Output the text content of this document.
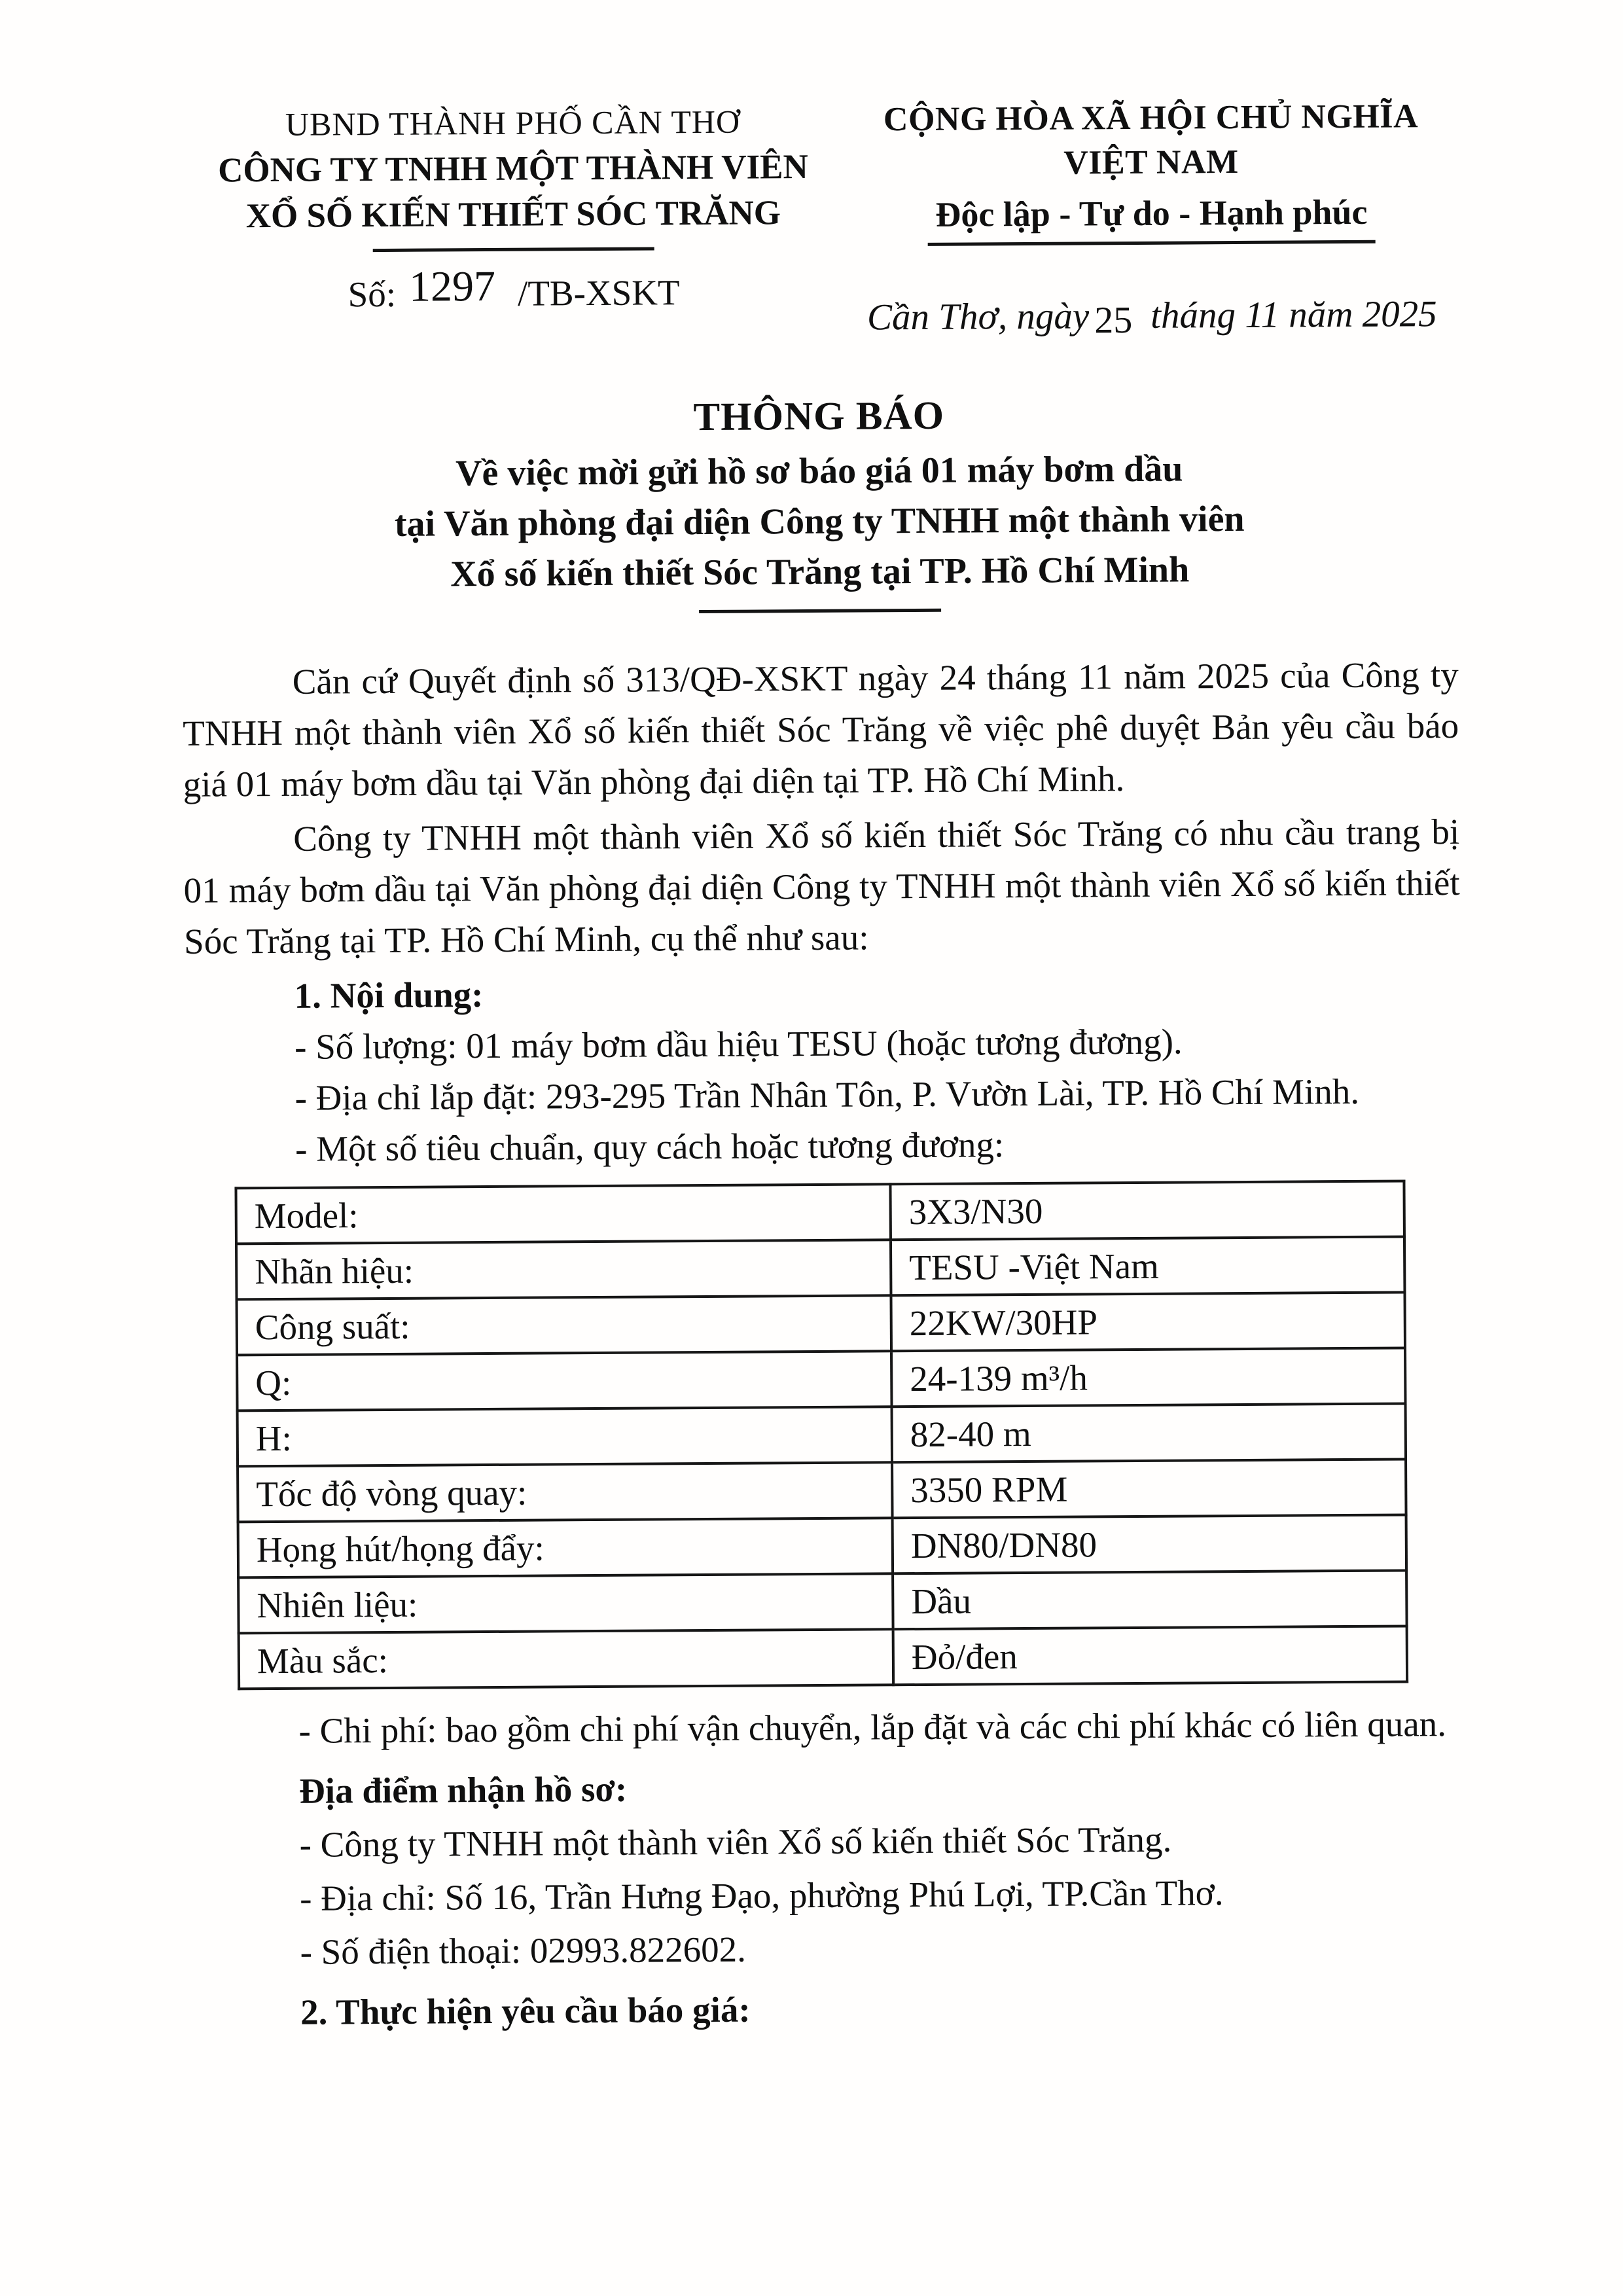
UBND THÀNH PHỐ CẦN THƠ
CÔNG TY TNHH MỘT THÀNH VIÊN
XỔ SỐ KIẾN THIẾT SÓC TRĂNG
Số: 1297 /TB-XSKT
CỘNG HÒA XÃ HỘI CHỦ NGHĨA VIỆT NAM
Độc lập - Tự do - Hạnh phúc
Cần Thơ, ngày 25 tháng 11 năm 2025
THÔNG BÁO
Về việc mời gửi hồ sơ báo giá 01 máy bơm dầu
tại Văn phòng đại diện Công ty TNHH một thành viên
Xổ số kiến thiết Sóc Trăng tại TP. Hồ Chí Minh

Căn cứ Quyết định số 313/QĐ-XSKT ngày 24 tháng 11 năm 2025 của Công ty TNHH một thành viên Xổ số kiến thiết Sóc Trăng về việc phê duyệt Bản yêu cầu báo giá 01 máy bơm dầu tại Văn phòng đại diện tại TP. Hồ Chí Minh.

Công ty TNHH một thành viên Xổ số kiến thiết Sóc Trăng có nhu cầu trang bị 01 máy bơm dầu tại Văn phòng đại diện Công ty TNHH một thành viên Xổ số kiến thiết Sóc Trăng tại TP. Hồ Chí Minh, cụ thể như sau:

1. Nội dung:

- Số lượng: 01 máy bơm dầu hiệu TESU (hoặc tương đương).

- Địa chỉ lắp đặt: 293-295 Trần Nhân Tôn, P. Vườn Lài, TP. Hồ Chí Minh.

- Một số tiêu chuẩn, quy cách hoặc tương đương:

Model:	3X3/N30
Nhãn hiệu:	TESU -Việt Nam
Công suất:	22KW/30HP
Q:	24-139 m³/h
H:	82-40 m
Tốc độ vòng quay:	3350 RPM
Họng hút/họng đẩy:	DN80/DN80
Nhiên liệu:	Dầu
Màu sắc:	Đỏ/đen

- Chi phí: bao gồm chi phí vận chuyển, lắp đặt và các chi phí khác có liên quan.

Địa điểm nhận hồ sơ:

- Công ty TNHH một thành viên Xổ số kiến thiết Sóc Trăng.

- Địa chỉ: Số 16, Trần Hưng Đạo, phường Phú Lợi, TP.Cần Thơ.

- Số điện thoại: 02993.822602.

2. Thực hiện yêu cầu báo giá:
